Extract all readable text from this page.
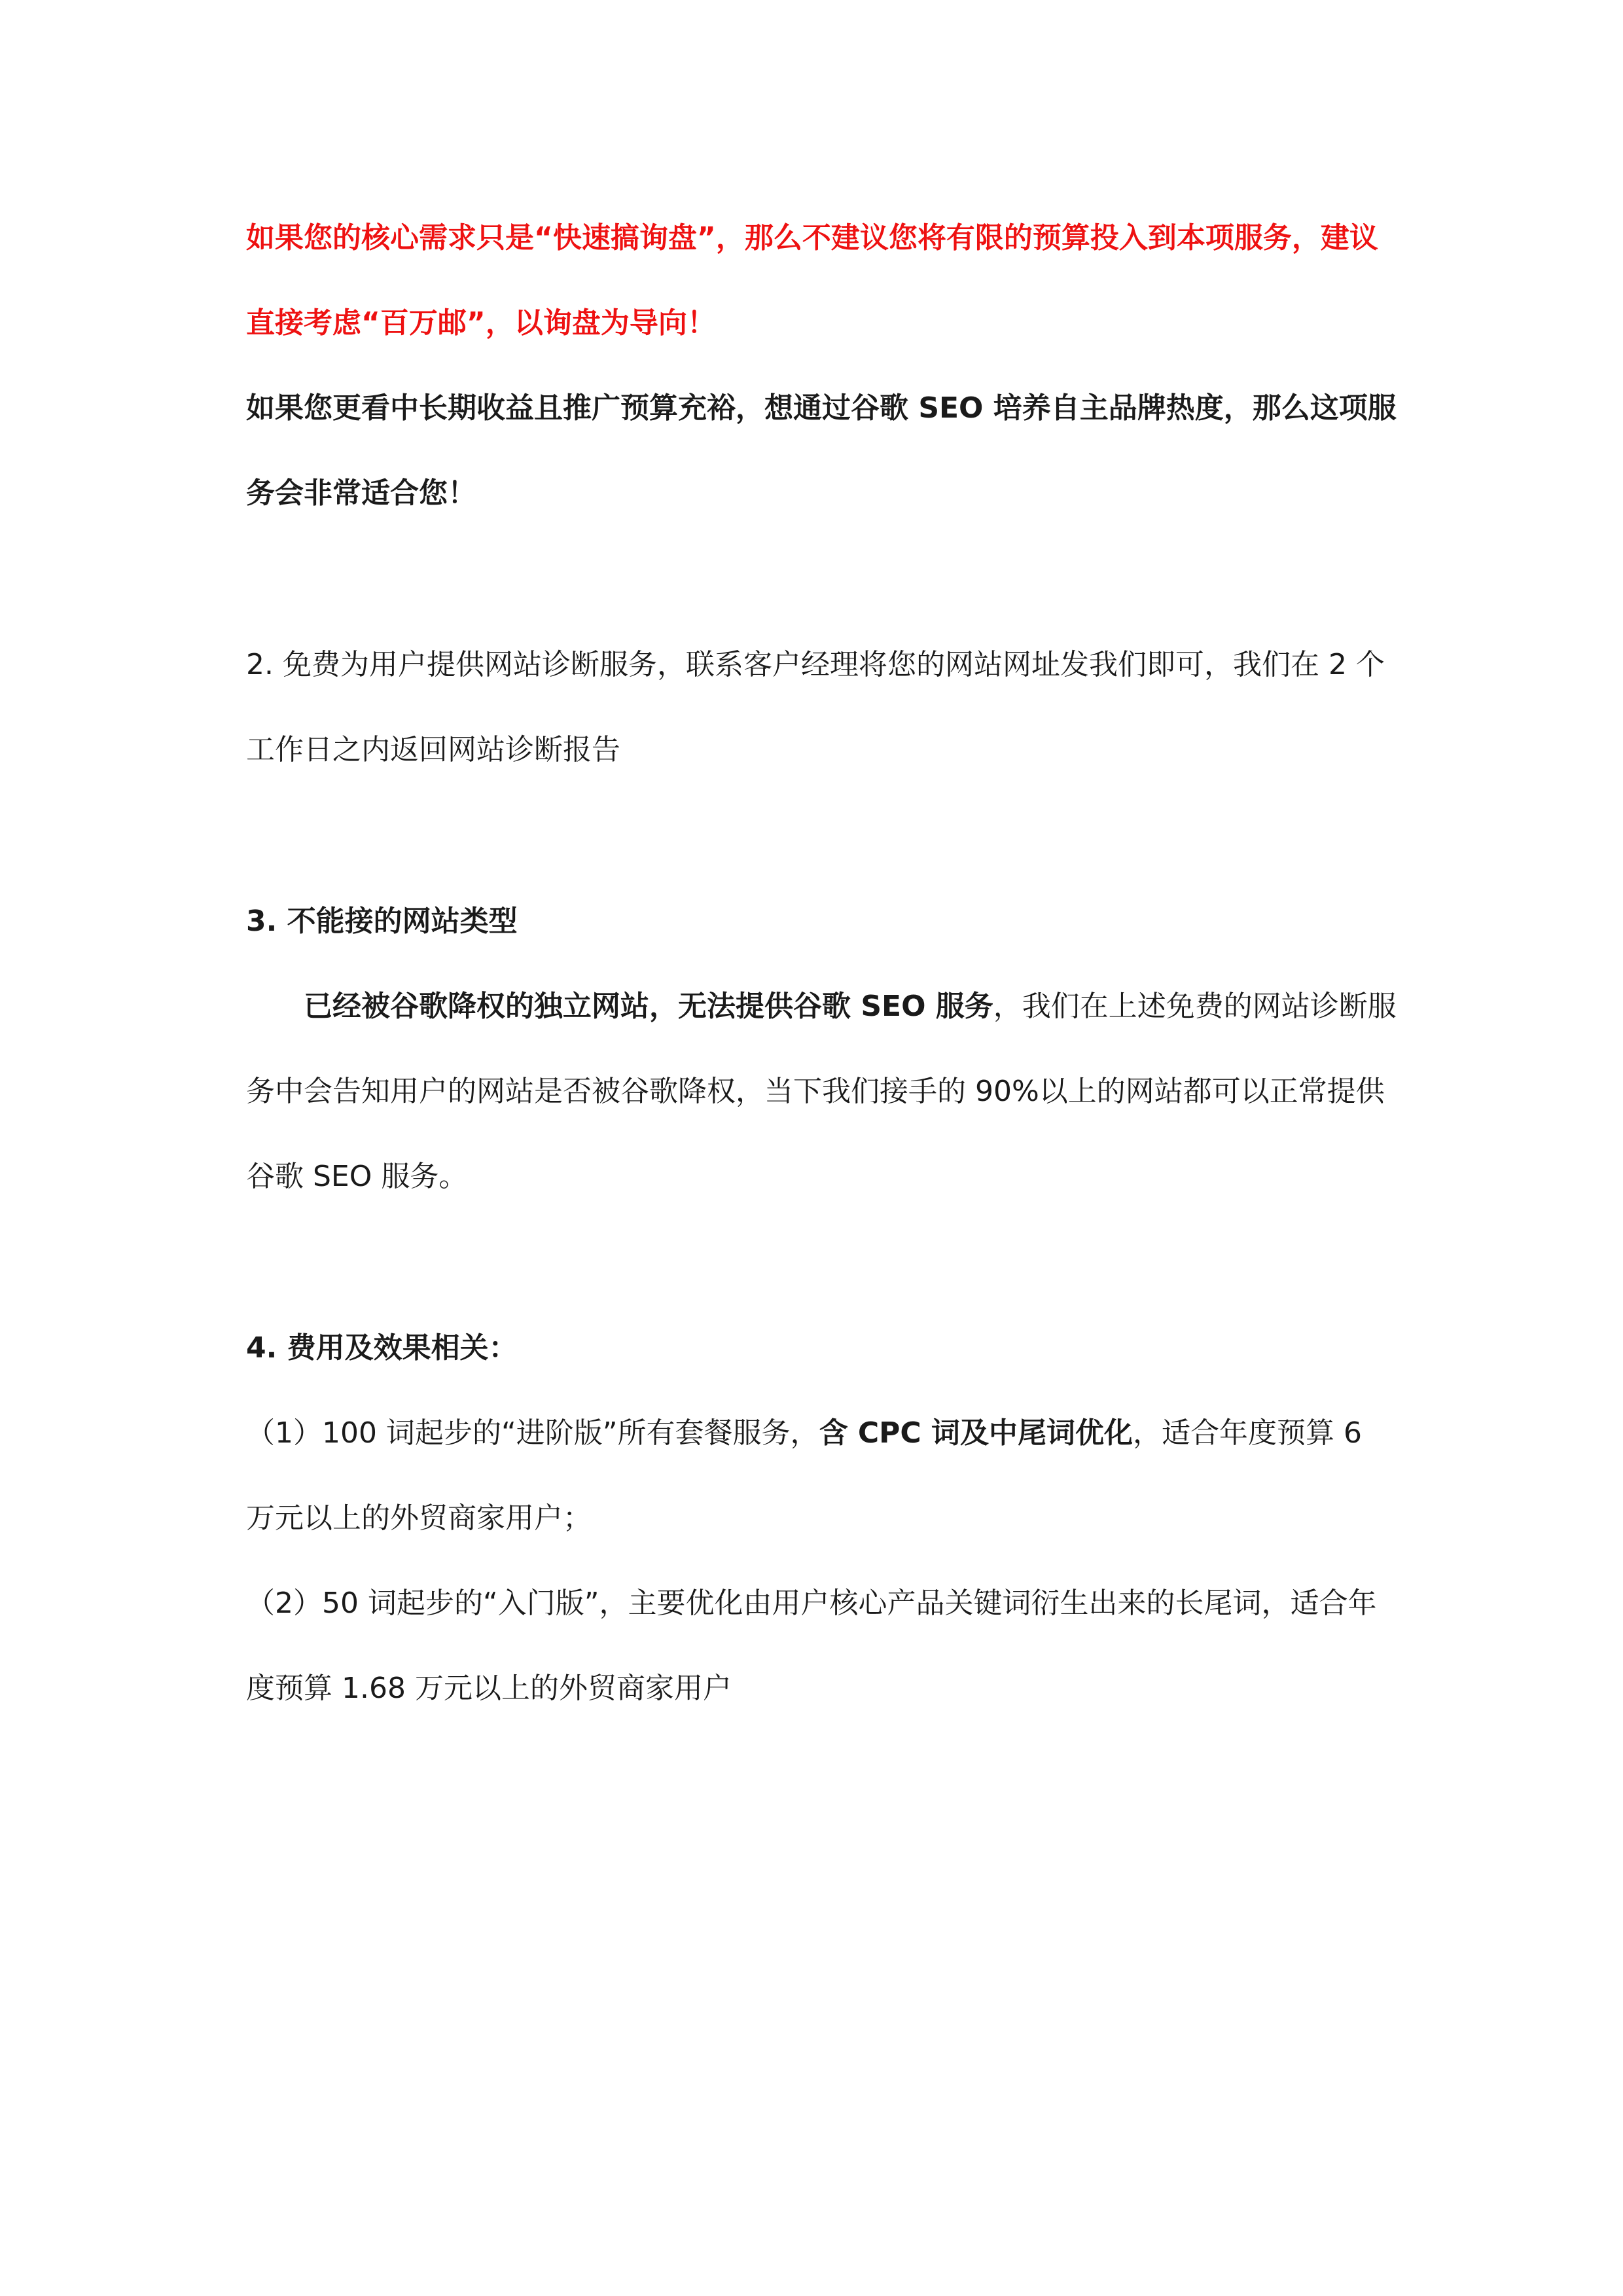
如果您的核心需求只是“快速搞询盘”，那么不建议您将有限的预算投入到本项服务，建议

直接考虑“百万邮”，以询盘为导向！

如果您更看中长期收益且推广预算充裕，想通过谷歌 SEO 培养自主品牌热度，那么这项服

务会非常适合您！

2. 免费为用户提供网站诊断服务，联系客户经理将您的网站网址发我们即可，我们在 2 个

工作日之内返回网站诊断报告

3. 不能接的网站类型

已经被谷歌降权的独立网站，无法提供谷歌 SEO 服务，我们在上述免费的网站诊断服

务中会告知用户的网站是否被谷歌降权，当下我们接手的 90%以上的网站都可以正常提供

谷歌 SEO 服务。

4. 费用及效果相关：

（1）100 词起步的“进阶版”所有套餐服务，含 CPC 词及中尾词优化，适合年度预算 6

万元以上的外贸商家用户；

（2）50 词起步的“入门版”，主要优化由用户核心产品关键词衍生出来的长尾词，适合年

度预算 1.68 万元以上的外贸商家用户
